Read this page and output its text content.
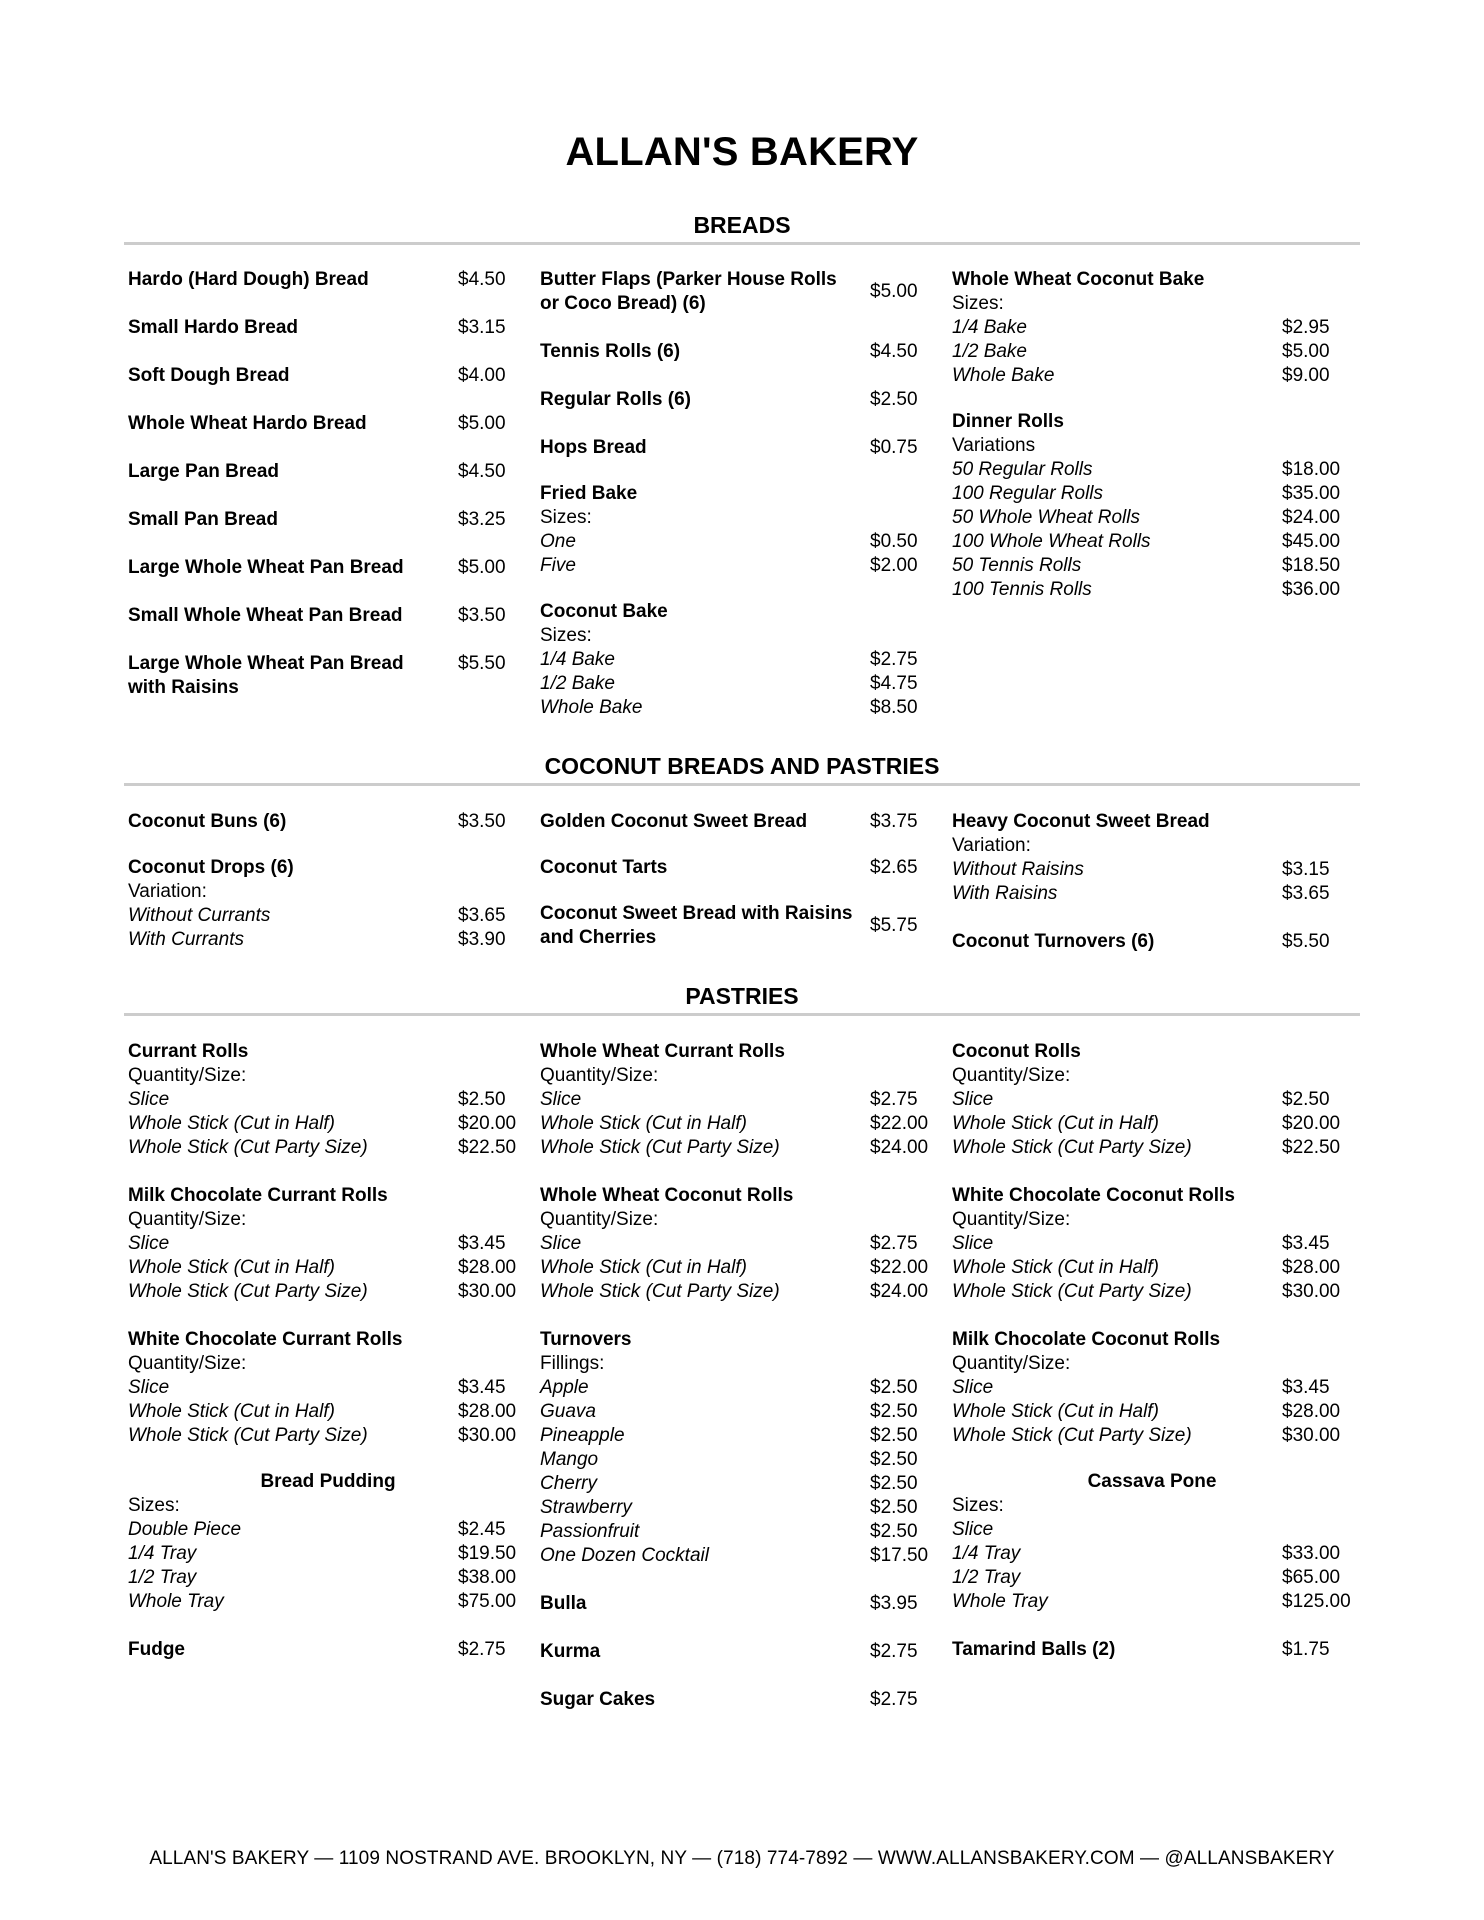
ALLAN'S BAKERY
BREADS
Hardo (Hard Dough) Bread	$4.50
Small Hardo Bread	$3.15
Soft Dough Bread	$4.00
Whole Wheat Hardo Bread	$5.00
Large Pan Bread	$4.50
Small Pan Bread	$3.25
Large Whole Wheat Pan Bread	$5.00
Small Whole Wheat Pan Bread	$3.50
Large Whole Wheat Pan Bread with Raisins
$5.50
Butter Flaps (Parker House Rolls or Coco Bread) (6)
$5.00
Tennis Rolls (6)	$4.50
Regular Rolls (6)	$2.50
Hops Bread	$0.75
Fried Bake
Sizes:
One	$0.50
Five	$2.00
Coconut Bake
Sizes:
1/4 Bake	$2.75
1/2 Bake	$4.75
Whole Bake	$8.50
Whole Wheat Coconut Bake
Sizes:
1/4 Bake	$2.95
1/2 Bake	$5.00
Whole Bake	$9.00
Dinner Rolls
Variations
50 Regular Rolls	$18.00
100 Regular Rolls	$35.00
50 Whole Wheat Rolls	$24.00
100 Whole Wheat Rolls	$45.00
50 Tennis Rolls	$18.50
100 Tennis Rolls	$36.00
COCONUT BREADS AND PASTRIES
Coconut Buns (6)	$3.50
Coconut Drops (6)
Variation:
Without Currants	$3.65
With Currants	$3.90
Golden Coconut Sweet Bread	$3.75
Coconut Tarts	$2.65
Coconut Sweet Bread with Raisins and Cherries
$5.75
Heavy Coconut Sweet Bread
Variation:
Without Raisins	$3.15
With Raisins	$3.65
Coconut Turnovers (6)	$5.50
PASTRIES
Currant Rolls
Quantity/Size:
Slice	$2.50
Whole Stick (Cut in Half)	$20.00
Whole Stick (Cut Party Size)	$22.50
Milk Chocolate Currant Rolls
Quantity/Size:
Slice	$3.45
Whole Stick (Cut in Half)	$28.00
Whole Stick (Cut Party Size)	$30.00
White Chocolate Currant Rolls
Quantity/Size:
Slice	$3.45
Whole Stick (Cut in Half)	$28.00
Whole Stick (Cut Party Size)	$30.00
Bread Pudding
Sizes:
Double Piece	$2.45
1/4 Tray	$19.50
1/2 Tray	$38.00
Whole Tray	$75.00
Fudge	$2.75
Whole Wheat Currant Rolls
Quantity/Size:
Slice	$2.75
Whole Stick (Cut in Half)	$22.00
Whole Stick (Cut Party Size)	$24.00
Whole Wheat Coconut Rolls
Quantity/Size:
Slice	$2.75
Whole Stick (Cut in Half)	$22.00
Whole Stick (Cut Party Size)	$24.00
Turnovers
Fillings:
Apple	$2.50
Guava	$2.50
Pineapple	$2.50
Mango	$2.50
Cherry	$2.50
Strawberry	$2.50
Passionfruit	$2.50
One Dozen Cocktail	$17.50
Bulla	$3.95
Kurma	$2.75
Sugar Cakes	$2.75
Coconut Rolls
Quantity/Size:
Slice	$2.50
Whole Stick (Cut in Half)	$20.00
Whole Stick (Cut Party Size)	$22.50
White Chocolate Coconut Rolls
Quantity/Size:
Slice	$3.45
Whole Stick (Cut in Half)	$28.00
Whole Stick (Cut Party Size)	$30.00
Milk Chocolate Coconut Rolls
Quantity/Size:
Slice	$3.45
Whole Stick (Cut in Half)	$28.00
Whole Stick (Cut Party Size)	$30.00
Cassava Pone
Sizes:
Slice
1/4 Tray	$33.00
1/2 Tray	$65.00
Whole Tray	$125.00
Tamarind Balls (2)	$1.75
ALLAN'S BAKERY — 1109 NOSTRAND AVE. BROOKLYN, NY — (718) 774-7892 — WWW.ALLANSBAKERY.COM — @ALLANSBAKERY
